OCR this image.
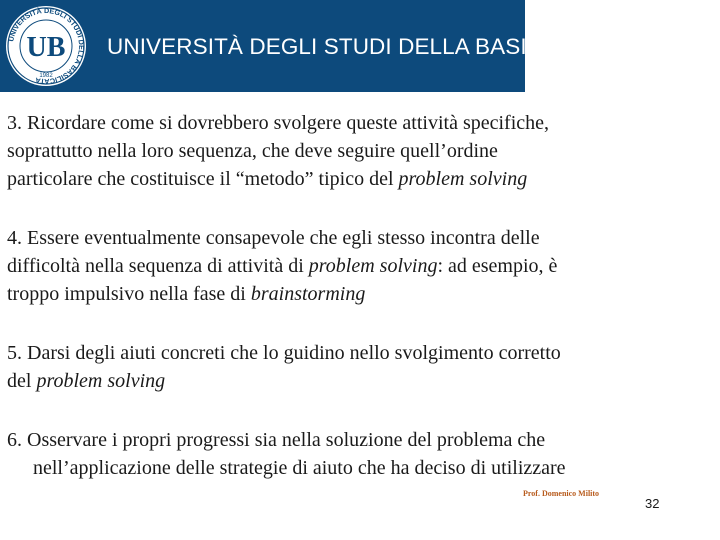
UNIVERSITÀ DEGLI STUDI DELLA BASILICATA
UB
1982
UNIVERSITÀ DEGLI STUDI DELLA BASILICATA
3. Ricordare come si dovrebbero svolgere queste attività specifiche,
soprattutto nella loro sequenza, che deve seguire quell’ordine
particolare che costituisce il “metodo” tipico del problem solving
4. Essere eventualmente consapevole che egli stesso incontra delle
difficoltà nella sequenza di attività di problem solving: ad esempio, è
troppo impulsivo nella fase di brainstorming
5. Darsi degli aiuti concreti che lo guidino nello svolgimento corretto
del problem solving
6. Osservare i propri progressi sia nella soluzione del problema che
nell’applicazione delle strategie di aiuto che ha deciso di utilizzare
Prof. Domenico Milito
32
